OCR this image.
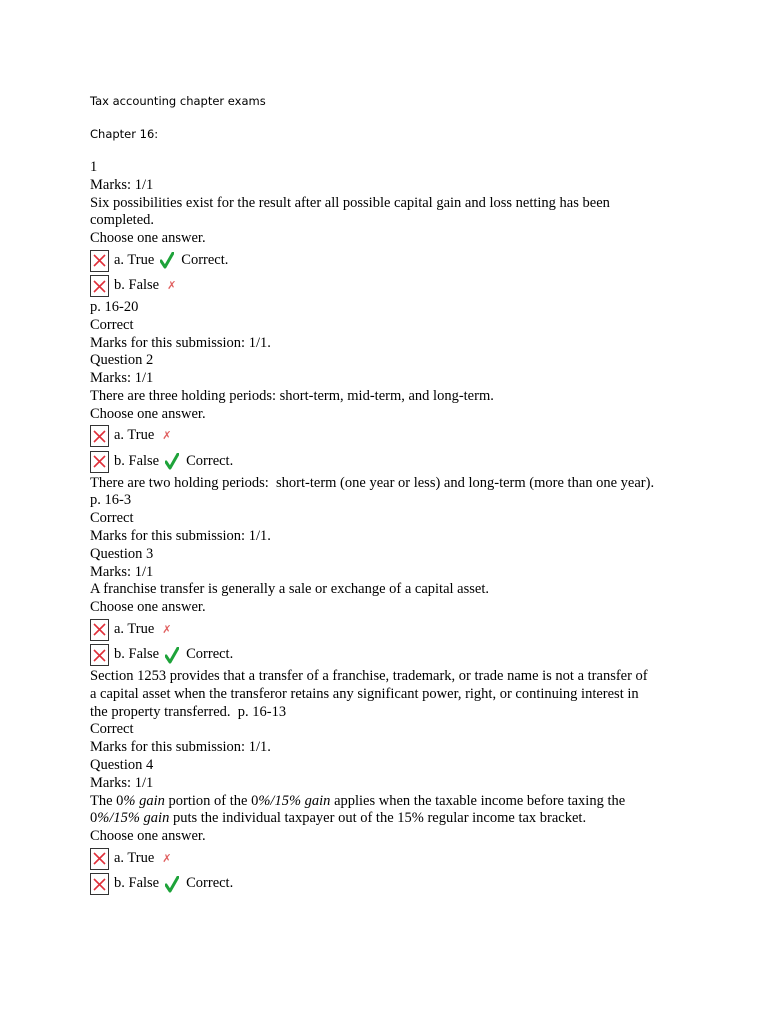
Tax accounting chapter exams
Chapter 16:
1
Marks: 1/1
Six possibilities exist for the result after all possible capital gain and loss netting has been
completed.
Choose one answer.
a. True Correct.
b. False ✗
p. 16-20
Correct
Marks for this submission: 1/1.
Question 2
Marks: 1/1
There are three holding periods: short-term, mid-term, and long-term.
Choose one answer.
a. True ✗
b. False Correct.
There are two holding periods:  short-term (one year or less) and long-term (more than one year).
p. 16-3
Correct
Marks for this submission: 1/1.
Question 3
Marks: 1/1
A franchise transfer is generally a sale or exchange of a capital asset.
Choose one answer.
a. True ✗
b. False Correct.
Section 1253 provides that a transfer of a franchise, trademark, or trade name is not a transfer of
a capital asset when the transferor retains any significant power, right, or continuing interest in
the property transferred.  p. 16-13
Correct
Marks for this submission: 1/1.
Question 4
Marks: 1/1
The 0% gain portion of the 0%/15% gain applies when the taxable income before taxing the
0%/15% gain puts the individual taxpayer out of the 15% regular income tax bracket.
Choose one answer.
a. True ✗
b. False Correct.
